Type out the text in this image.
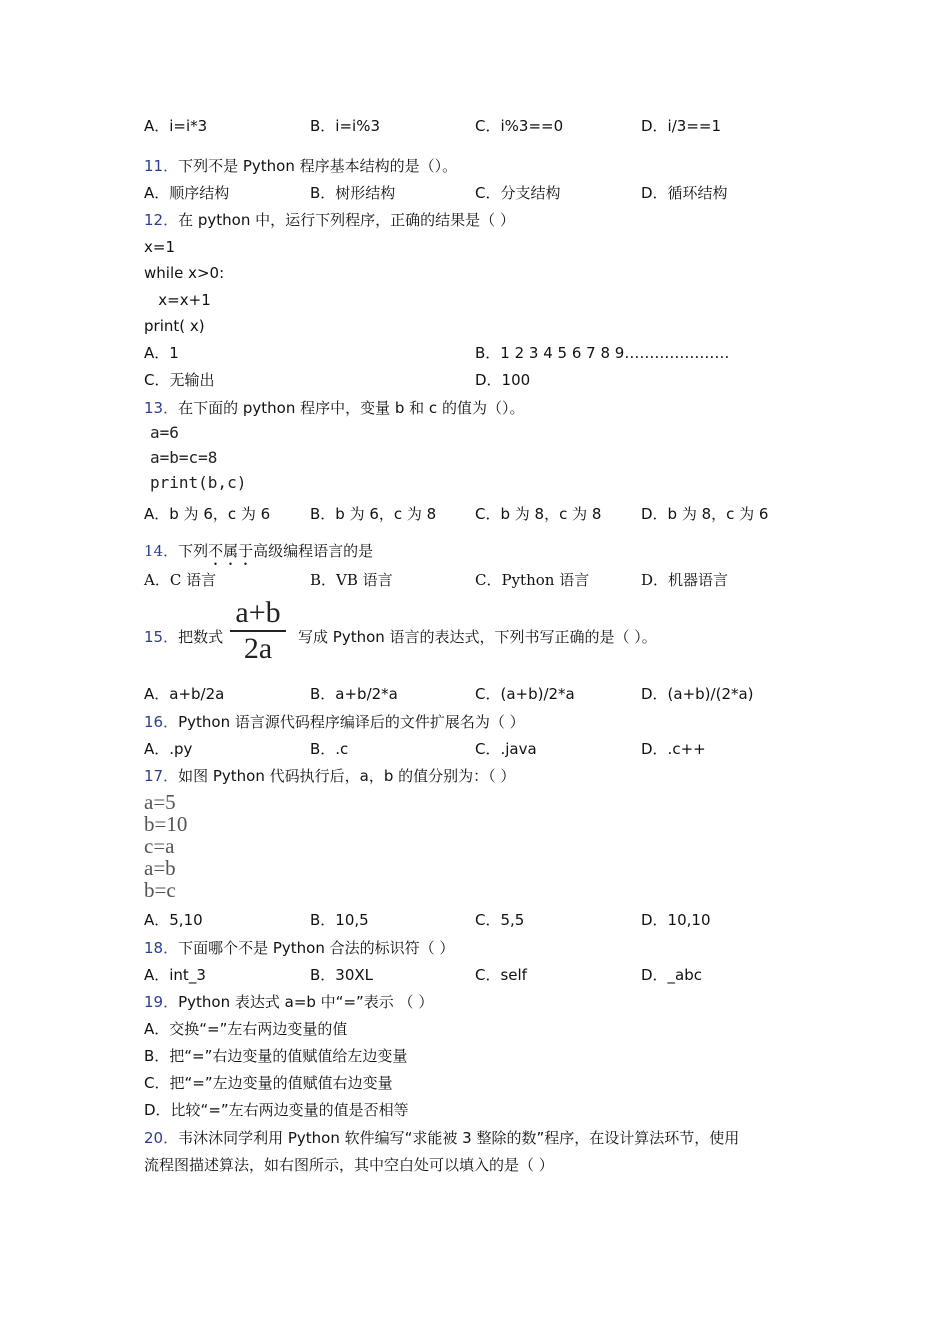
A．i=i*3	B．i=i%3	C．i%3==0	D．i/3==1
11．下列不是 Python 程序基本结构的是（）。
A．顺序结构	B．树形结构	C．分支结构	D．循环结构
12．在 python 中，运行下列程序，正确的结果是（ ）
x=1
while x>0:
x=x+1
print( x)
A．1	B．1 2 3 4 5 6 7 8 9…………………
C．无输出	D．100
13．在下面的 python 程序中，变量 b 和 c 的值为（）。
a=6
a=b=c=8
print(b,c)
A．b 为 6，c 为 6	B．b 为 6，c 为 8	C．b 为 8，c 为 8	D．b 为 8，c 为 6
14．下列不属于高级编程语言的是
A．C 语言	B．VB 语言	C．Python 语言	D．机器语言
15．把数式
a+b
2a	写成 Python 语言的表达式，下列书写正确的是（ ）。
A．a+b/2a	B．a+b/2*a	C．(a+b)/2*a	D．(a+b)/(2*a)
16．Python 语言源代码程序编译后的文件扩展名为（ ）
A．.py	B．.c	C．.java	D．.c++
17．如图 Python 代码执行后，a，b 的值分别为：（ ）
a=5
b=10
c=a
a=b
b=c
A．5,10	B．10,5	C．5,5	D．10,10
18．下面哪个不是 Python 合法的标识符（ ）
A．int_3	B．30XL	C．self	D．_abc
19．Python 表达式 a=b 中“=”表示 （ ）
A．交换“=”左右两边变量的值
B．把“=”右边变量的值赋值给左边变量
C．把“=”左边变量的值赋值右边变量
D．比较“=”左右两边变量的值是否相等
20．韦沐沐同学利用 Python 软件编写“求能被 3 整除的数”程序，在设计算法环节，使用
流程图描述算法，如右图所示，其中空白处可以填入的是（ ）
